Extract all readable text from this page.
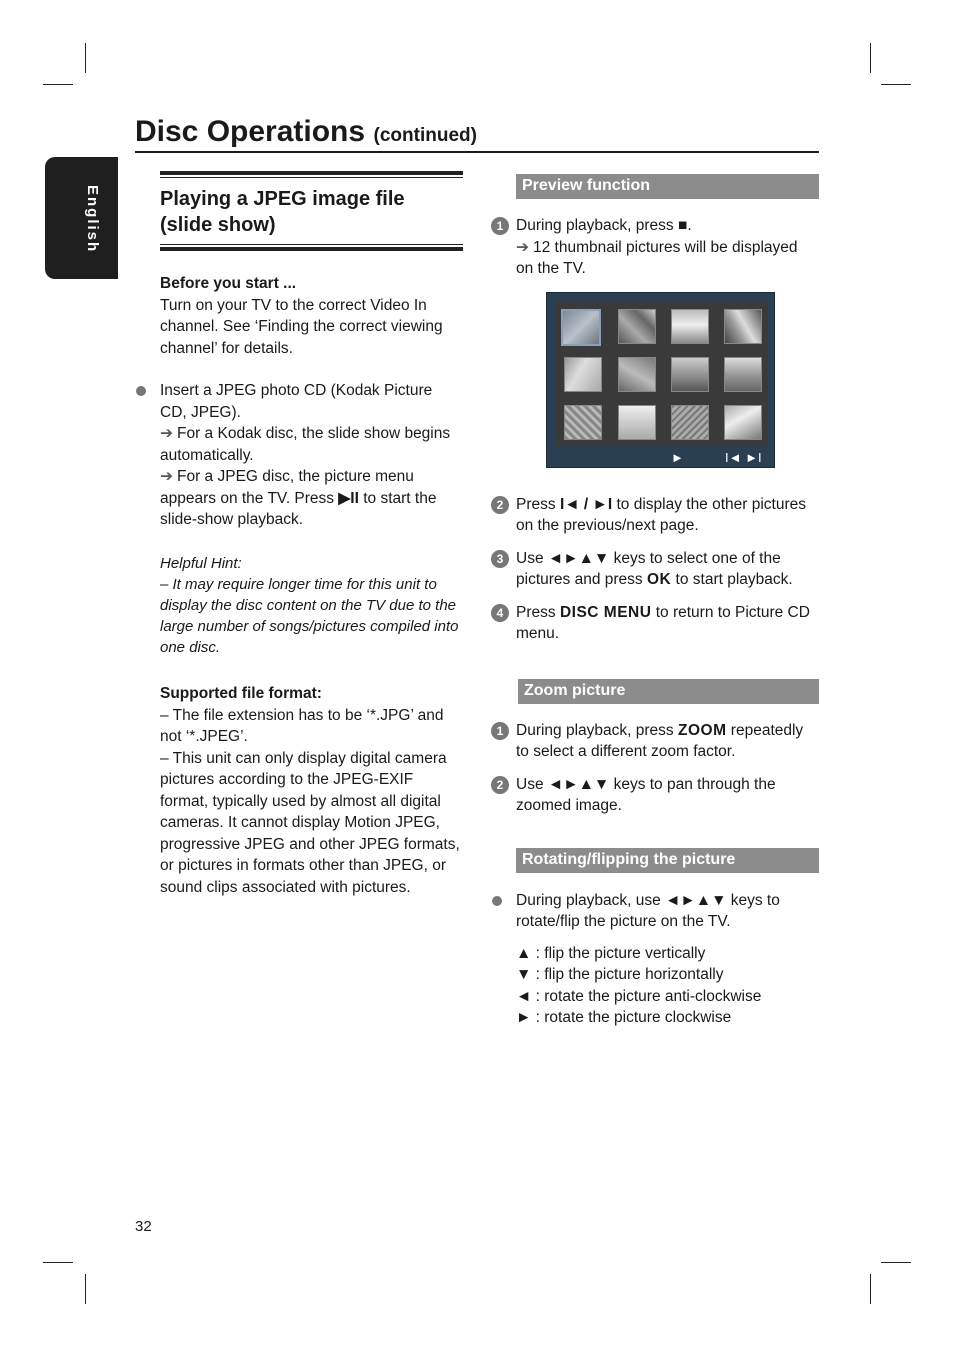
English
Disc Operations (continued)
Playing a JPEG image file
(slide show)

Before you start ...

Turn on your TV to the correct Video In channel. See ‘Finding the correct viewing channel’ for details.

Insert a JPEG photo CD (Kodak Picture CD, JPEG).

➔ For a Kodak disc, the slide show begins automatically.

➔ For a JPEG disc, the picture menu appears on the TV. Press ▶II to start the slide-show playback.

Helpful Hint:

– It may require longer time for this unit to display the disc content on the TV due to the large number of songs/pictures compiled into one disc.

Supported file format:

– The file extension has to be ‘*.JPG’ and not ‘*.JPEG’.

– This unit can only display digital camera pictures according to the JPEG-EXIF format, typically used by almost all digital cameras. It cannot display Motion JPEG, progressive JPEG and other JPEG formats, or pictures in formats other than JPEG, or sound clips associated with pictures.

Preview function
1 During playback, press ■.

➔ 12 thumbnail pictures will be displayed on the TV.

►	I◄ ►I
2 Press I◄ / ►I to display the other pictures on the previous/next page.

3 Use ◄►▲▼ keys to select one of the pictures and press OK to start playback.

4 Press DISC MENU to return to Picture CD menu.

Zoom picture
1 During playback, press ZOOM repeatedly to select a different zoom factor.

2 Use ◄►▲▼ keys to pan through the zoomed image.

Rotating/flipping the picture

During playback, use ◄►▲▼ keys to rotate/flip the picture on the TV.

▲ : flip the picture vertically

▼ : flip the picture horizontally

◄ : rotate the picture anti-clockwise

► : rotate the picture clockwise

32
